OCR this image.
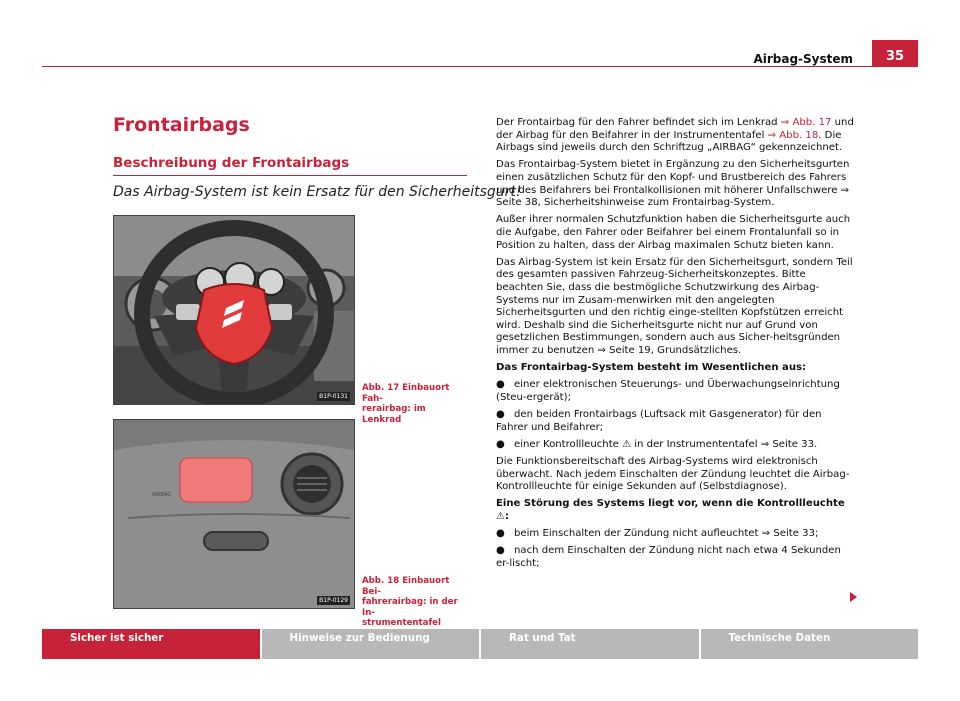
Airbag-System	35
Frontairbags
Beschreibung der Frontairbags
Das Airbag-System ist kein Ersatz für den Sicherheitsgurt!
B1P-0131
Abb. 17 Einbauort Fah-
rerairbag: im Lenkrad
AIRBAG
B1P-0129
Abb. 18 Einbauort Bei-
fahrerairbag: in der In-
strumententafel

Der Frontairbag für den Fahrer befindet sich im Lenkrad ⇒ Abb. 17 und der Airbag für den Beifahrer in der Instrumententafel ⇒ Abb. 18. Die Airbags sind jeweils durch den Schriftzug „AIRBAG“ gekennzeichnet.

Das Frontairbag-System bietet in Ergänzung zu den Sicherheitsgurten einen zusätzlichen Schutz für den Kopf- und Brustbereich des Fahrers und des Beifahrers bei Frontalkollisionen mit höherer Unfallschwere ⇒ Seite 38, Sicherheitshinweise zum Frontairbag-System.

Außer ihrer normalen Schutzfunktion haben die Sicherheitsgurte auch die Aufgabe, den Fahrer oder Beifahrer bei einem Frontalunfall so in Position zu halten, dass der Airbag maximalen Schutz bieten kann.

Das Airbag-System ist kein Ersatz für den Sicherheitsgurt, sondern Teil des gesamten passiven Fahrzeug-Sicherheitskonzeptes. Bitte beachten Sie, dass die bestmögliche Schutzwirkung des Airbag-Systems nur im Zusam-menwirken mit den angelegten Sicherheitsgurten und den richtig einge-stellten Kopfstützen erreicht wird. Deshalb sind die Sicherheitsgurte nicht nur auf Grund von gesetzlichen Bestimmungen, sondern auch aus Sicher-heitsgründen immer zu benutzen ⇒ Seite 19, Grundsätzliches.

Das Frontairbag-System besteht im Wesentlichen aus:

● einer elektronischen Steuerungs- und Überwachungseinrichtung (Steu-ergerät);

● den beiden Frontairbags (Luftsack mit Gasgenerator) für den Fahrer und Beifahrer;

● einer Kontrollleuchte ⚠ in der Instrumententafel ⇒ Seite 33.

Die Funktionsbereitschaft des Airbag-Systems wird elektronisch überwacht. Nach jedem Einschalten der Zündung leuchtet die Airbag-Kontrollleuchte für einige Sekunden auf (Selbstdiagnose).

Eine Störung des Systems liegt vor, wenn die Kontrollleuchte ⚠:

● beim Einschalten der Zündung nicht aufleuchtet ⇒ Seite 33;

● nach dem Einschalten der Zündung nicht nach etwa 4 Sekunden er-lischt;

Sicher ist sicher	Hinweise zur Bedienung	Rat und Tat	Technische Daten
